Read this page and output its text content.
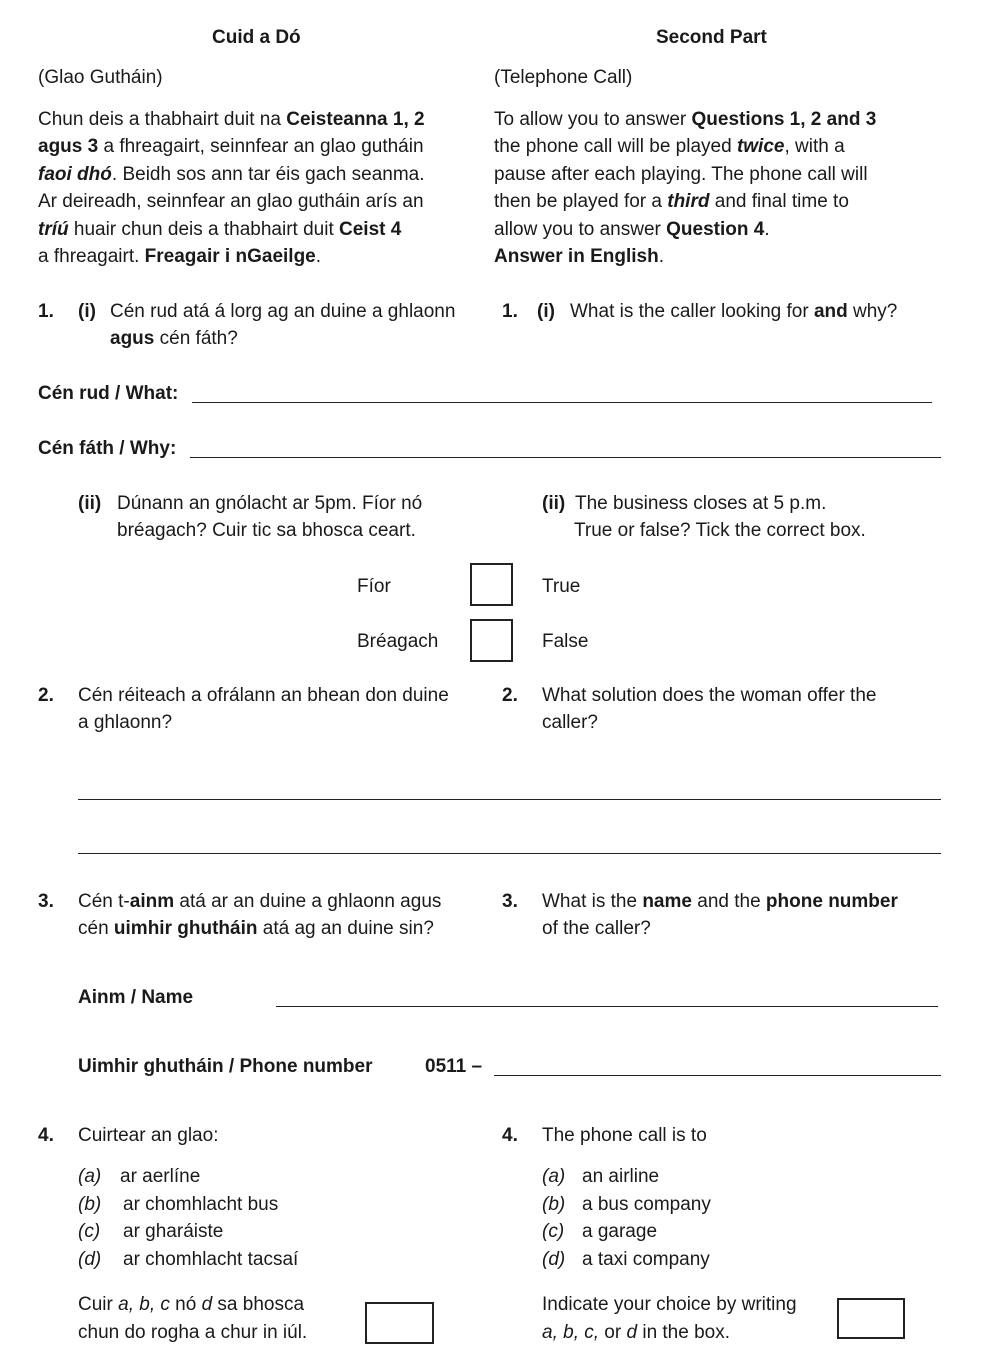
Cuid a Dó	Second Part
(Glao Gutháin)	(Telephone Call)
Chun deis a thabhairt duit na Ceisteanna 1, 2
agus 3 a fhreagairt, seinnfear an glao gutháin
faoi dhó. Beidh sos ann tar éis gach seanma.
Ar deireadh, seinnfear an glao gutháin arís an
tríú huair chun deis a thabhairt duit Ceist 4
a fhreagairt. Freagair i nGaeilge.
To allow you to answer Questions 1, 2 and 3
the phone call will be played twice, with a
pause after each playing. The phone call will
then be played for a third and final time to
allow you to answer Question 4.
Answer in English.
1. (i) Cén rud atá á lorg ag an duine a ghlaonn
agus cén fáth?
1. (i) What is the caller looking for and why?
Cén rud / What:
Cén fáth / Why:
(ii) Dúnann an gnólacht ar 5pm. Fíor nó
bréagach? Cuir tic sa bhosca ceart.
(ii) The business closes at 5 p.m.
True or false? Tick the correct box.
Fíor	True
Bréagach	False
2. Cén réiteach a ofrálann an bhean don duine
a ghlaonn?
2. What solution does the woman offer the
caller?
3. Cén t-ainm atá ar an duine a ghlaonn agus
cén uimhir ghutháin atá ag an duine sin?
3. What is the name and the phone number
of the caller?
Ainm / Name
Uimhir ghutháin / Phone number	0511 –
4. Cuirtear an glao:	4. The phone call is to
(a) ar aerlíne
(b) ar chomhlacht bus
(c) ar gharáiste
(d) ar chomhlacht tacsaí
(a) an airline
(b) a bus company
(c) a garage
(d) a taxi company
Cuir a, b, c nó d sa bhosca
chun do rogha a chur in iúl.
Indicate your choice by writing
a, b, c, or d in the box.
